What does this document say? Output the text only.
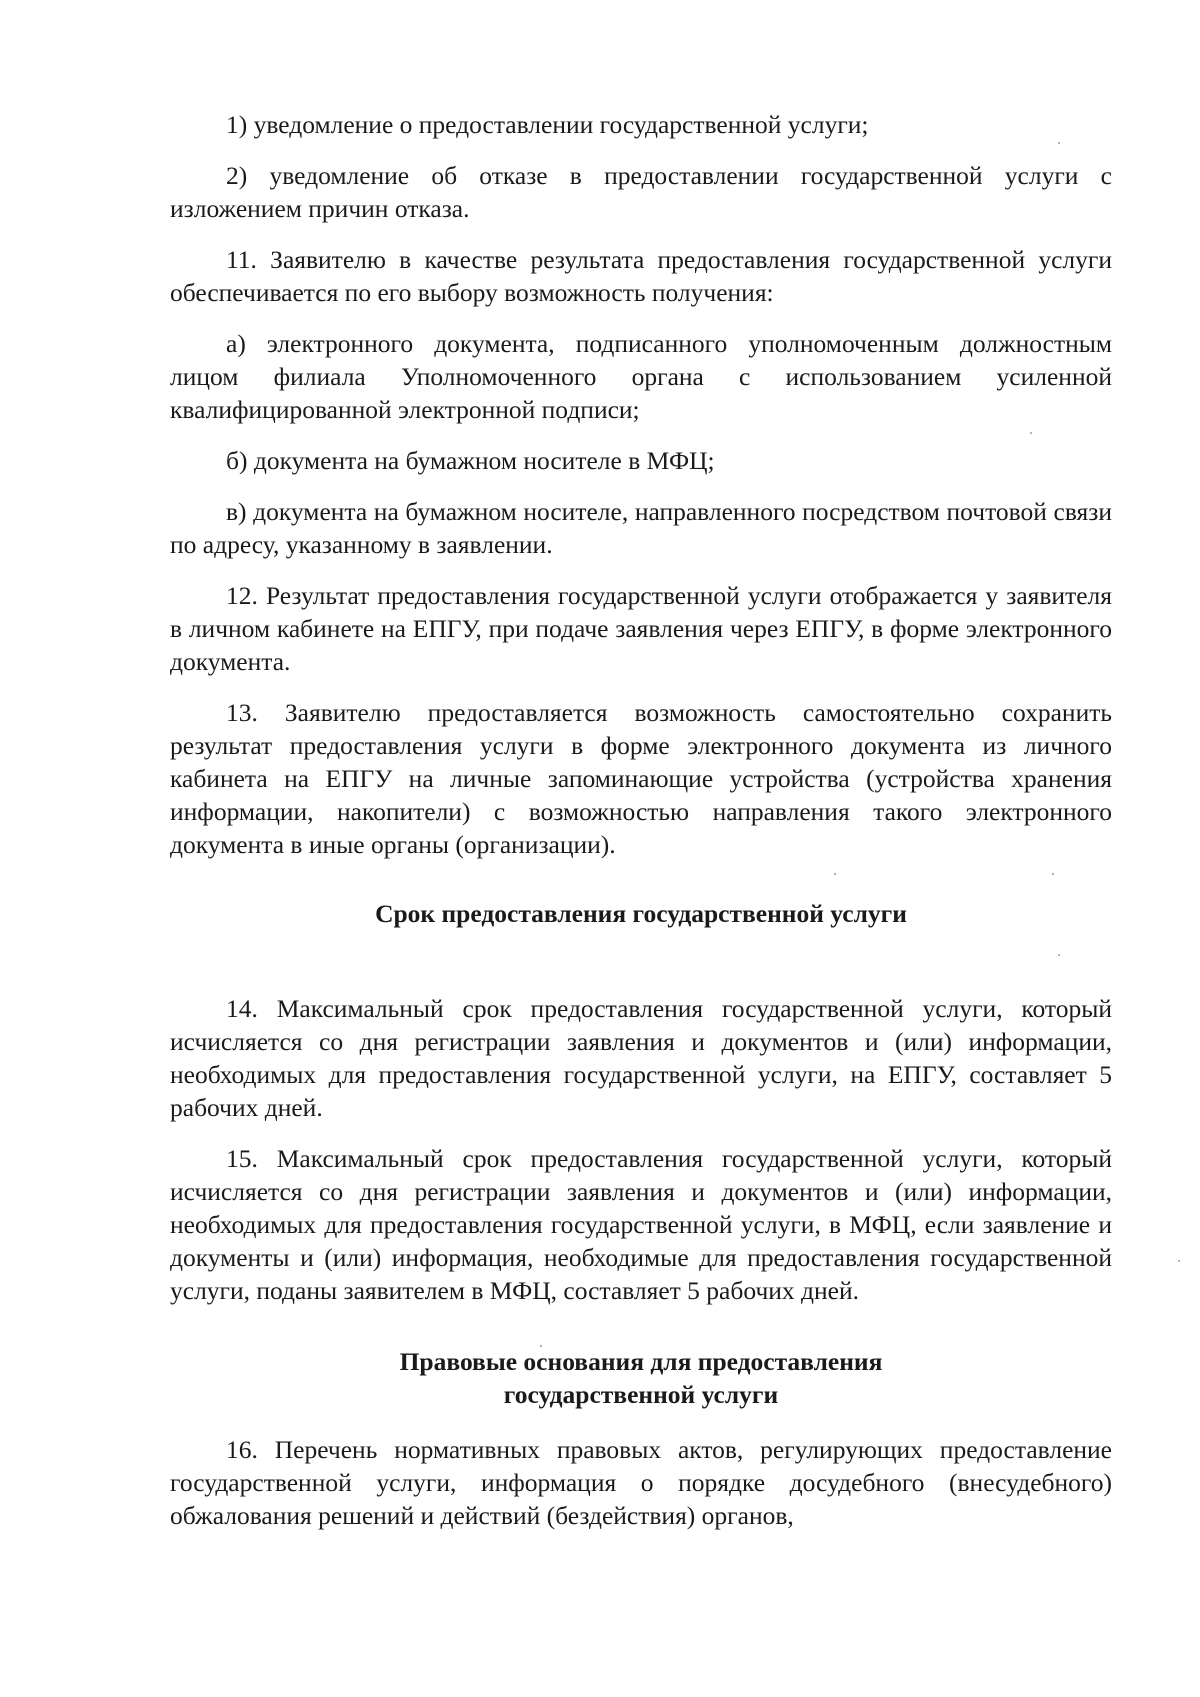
1) уведомление о предоставлении государственной услуги;

2) уведомление об отказе в предоставлении государственной услуги с изложением причин отказа.

11. Заявителю в качестве результата предоставления государственной услуги обеспечивается по его выбору возможность получения:

а) электронного документа, подписанного уполномоченным должностным лицом филиала Уполномоченного органа с использованием усиленной квалифицированной электронной подписи;

б) документа на бумажном носителе в МФЦ;

в) документа на бумажном носителе, направленного посредством почтовой связи по адресу, указанному в заявлении.

12. Результат предоставления государственной услуги отображается у заявителя в личном кабинете на ЕПГУ, при подаче заявления через ЕПГУ, в форме электронного документа.

13. Заявителю предоставляется возможность самостоятельно сохранить результат предоставления услуги в форме электронного документа из личного кабинета на ЕПГУ на личные запоминающие устройства (устройства хранения информации, накопители) с возможностью направления такого электронного документа в иные органы (организации).

Срок предоставления государственной услуги

14. Максимальный срок предоставления государственной услуги, который исчисляется со дня регистрации заявления и документов и (или) информации, необходимых для предоставления государственной услуги, на ЕПГУ, составляет 5 рабочих дней.

15. Максимальный срок предоставления государственной услуги, который исчисляется со дня регистрации заявления и документов и (или) информации, необходимых для предоставления государственной услуги, в МФЦ, если заявление и документы и (или) информация, необходимые для предоставления государственной услуги, поданы заявителем в МФЦ, составляет 5 рабочих дней.

Правовые основания для предоставления
государственной услуги

16. Перечень нормативных правовых актов, регулирующих предоставление государственной услуги, информация о порядке досудебного (внесудебного) обжалования решений и действий (бездействия) органов,
